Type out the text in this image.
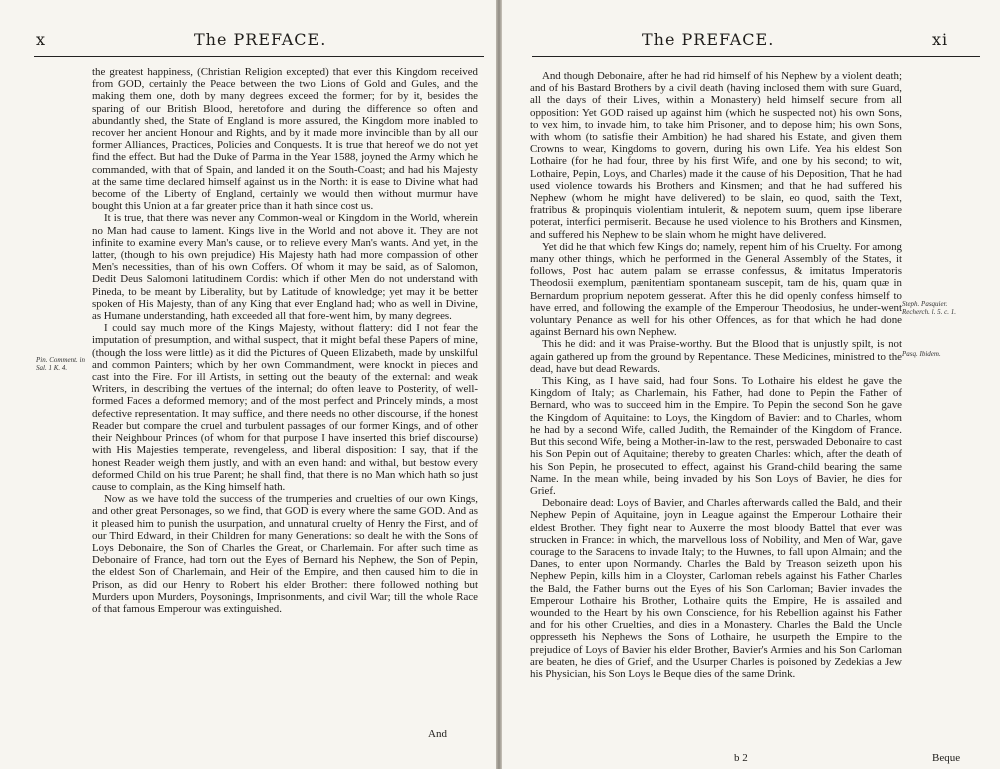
x	The PREFACE.
Pin. Comment. in Sal. 1 K. 4.

the greatest happiness, (Christian Religion excepted) that ever this Kingdom received from GOD, certainly the Peace between the two Lions of Gold and Gules, and the making them one, doth by many degrees exceed the former; for by it, besides the sparing of our British Blood, heretofore and during the difference so often and abundantly shed, the State of England is more assured, the Kingdom more inabled to recover her ancient Honour and Rights, and by it made more invincible than by all our former Alliances, Practices, Policies and Conquests. It is true that hereof we do not yet find the effect. But had the Duke of Parma in the Year 1588, joyned the Army which he commanded, with that of Spain, and landed it on the South-Coast; and had his Majesty at the same time declared himself against us in the North: it is ease to Divine what had become of the Liberty of England, certainly we would then without murmur have bought this Union at a far greater price than it hath since cost us.

It is true, that there was never any Common-weal or Kingdom in the World, wherein no Man had cause to lament. Kings live in the World and not above it. They are not infinite to examine every Man's cause, or to relieve every Man's wants. And yet, in the latter, (though to his own prejudice) His Majesty hath had more compassion of other Men's necessities, than of his own Coffers. Of whom it may be said, as of Salomon, Dedit Deus Salomoni latitudinem Cordis: which if other Men do not understand with Pineda, to be meant by Liberality, but by Latitude of knowledge; yet may it be better spoken of His Majesty, than of any King that ever England had; who as well in Divine, as Humane understanding, hath exceeded all that fore-went him, by many degrees.

I could say much more of the Kings Majesty, without flattery: did I not fear the imputation of presumption, and withal suspect, that it might befal these Papers of mine, (though the loss were little) as it did the Pictures of Queen Elizabeth, made by unskilful and common Painters; which by her own Commandment, were knockt in pieces and cast into the Fire. For ill Artists, in setting out the beauty of the external: and weak Writers, in describing the vertues of the internal; do often leave to Posterity, of well-formed Faces a deformed memory; and of the most perfect and Princely minds, a most defective representation. It may suffice, and there needs no other discourse, if the honest Reader but compare the cruel and turbulent passages of our former Kings, and of other their Neighbour Princes (of whom for that purpose I have inserted this brief discourse) with His Majesties temperate, revengeless, and liberal disposition: I say, that if the honest Reader weigh them justly, and with an even hand: and withal, but bestow every deformed Child on his true Parent; he shall find, that there is no Man which hath so just cause to complain, as the King himself hath.

Now as we have told the success of the trumperies and cruelties of our own Kings, and other great Personages, so we find, that GOD is every where the same GOD. And as it pleased him to punish the usurpation, and unnatural cruelty of Henry the First, and of our Third Edward, in their Children for many Generations: so dealt he with the Sons of Loys Debonaire, the Son of Charles the Great, or Charlemain. For after such time as Debonaire of France, had torn out the Eyes of Bernard his Nephew, the Son of Pepin, the eldest Son of Charlemain, and Heir of the Empire, and then caused him to die in Prison, as did our Henry to Robert his elder Brother: there followed nothing but Murders upon Murders, Poysonings, Imprisonments, and civil War; till the whole Race of that famous Emperour was extinguished.

And
The PREFACE.	xi
Steph. Pasquier. Recherch. l. 5. c. 1.
Pasq. Ibidem.

And though Debonaire, after he had rid himself of his Nephew by a violent death; and of his Bastard Brothers by a civil death (having inclosed them with sure Guard, all the days of their Lives, within a Monastery) held himself secure from all opposition: Yet GOD raised up against him (which he suspected not) his own Sons, to vex him, to invade him, to take him Prisoner, and to depose him; his own Sons, with whom (to satisfie their Ambition) he had shared his Estate, and given them Crowns to wear, Kingdoms to govern, during his own Life. Yea his eldest Son Lothaire (for he had four, three by his first Wife, and one by his second; to wit, Lothaire, Pepin, Loys, and Charles) made it the cause of his Deposition, That he had used violence towards his Brothers and Kinsmen; and that he had suffered his Nephew (whom he might have delivered) to be slain, eo quod, saith the Text, fratribus & propinquis violentiam intulerit, & nepotem suum, quem ipse liberare poterat, interfici permiserit. Because he used violence to his Brothers and Kinsmen, and suffered his Nephew to be slain whom he might have delivered.

Yet did he that which few Kings do; namely, repent him of his Cruelty. For among many other things, which he performed in the General Assembly of the States, it follows, Post hac autem palam se errasse confessus, & imitatus Imperatoris Theodosii exemplum, pænitentiam spontaneam suscepit, tam de his, quam quæ in Bernardum proprium nepotem gesserat. After this he did openly confess himself to have erred, and following the example of the Emperour Theodosius, he under-went voluntary Penance as well for his other Offences, as for that which he had done against Bernard his own Nephew.

This he did: and it was Praise-worthy. But the Blood that is unjustly spilt, is not again gathered up from the ground by Repentance. These Medicines, ministred to the dead, have but dead Rewards.

This King, as I have said, had four Sons. To Lothaire his eldest he gave the Kingdom of Italy; as Charlemain, his Father, had done to Pepin the Father of Bernard, who was to succeed him in the Empire. To Pepin the second Son he gave the Kingdom of Aquitaine: to Loys, the Kingdom of Bavier: and to Charles, whom he had by a second Wife, called Judith, the Remainder of the Kingdom of France. But this second Wife, being a Mother-in-law to the rest, perswaded Debonaire to cast his Son Pepin out of Aquitaine; thereby to greaten Charles: which, after the death of his Son Pepin, he prosecuted to effect, against his Grand-child bearing the same Name. In the mean while, being invaded by his Son Loys of Bavier, he dies for Grief.

Debonaire dead: Loys of Bavier, and Charles afterwards called the Bald, and their Nephew Pepin of Aquitaine, joyn in League against the Emperour Lothaire their eldest Brother. They fight near to Auxerre the most bloody Battel that ever was strucken in France: in which, the marvellous loss of Nobility, and Men of War, gave courage to the Saracens to invade Italy; to the Huwnes, to fall upon Almain; and the Danes, to enter upon Normandy. Charles the Bald by Treason seizeth upon his Nephew Pepin, kills him in a Cloyster, Carloman rebels against his Father Charles the Bald, the Father burns out the Eyes of his Son Carloman; Bavier invades the Emperour Lothaire his Brother, Lothaire quits the Empire, He is assailed and wounded to the Heart by his own Conscience, for his Rebellion against his Father and for his other Cruelties, and dies in a Monastery. Charles the Bald the Uncle oppresseth his Nephews the Sons of Lothaire, he usurpeth the Empire to the prejudice of Loys of Bavier his elder Brother, Bavier's Armies and his Son Carloman are beaten, he dies of Grief, and the Usurper Charles is poisoned by Zedekias a Jew his Physician, his Son Loys le Beque dies of the same Drink.

b 2	Beque
